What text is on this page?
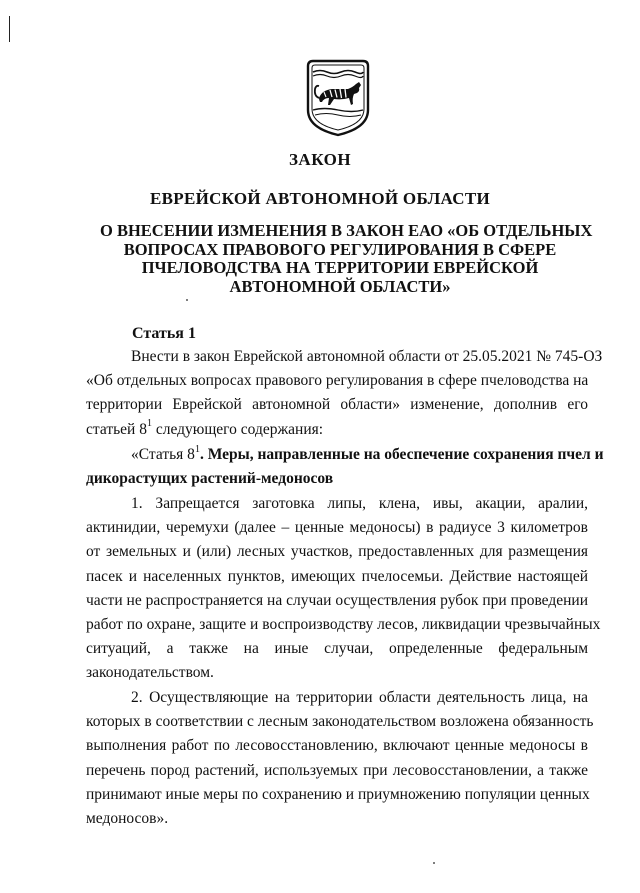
ЗАКОН
ЕВРЕЙСКОЙ АВТОНОМНОЙ ОБЛАСТИ
О ВНЕСЕНИИ ИЗМЕНЕНИЯ В ЗАКОН ЕАО «ОБ ОТДЕЛЬНЫХ
ВОПРОСАХ ПРАВОВОГО РЕГУЛИРОВАНИЯ В СФЕРЕ
ПЧЕЛОВОДСТВА НА ТЕРРИТОРИИ ЕВРЕЙСКОЙ
АВТОНОМНОЙ ОБЛАСТИ»
Статья 1
Внести в закон Еврейской автономной области от 25.05.2021 № 745-ОЗ
«Об отдельных вопросах правового регулирования в сфере пчеловодства на
территории Еврейской автономной области» изменение, дополнив его
статьей $8^1$ следующего содержания:
«Статья $8^1$. Меры, направленные на обеспечение сохранения пчел и
дикорастущих растений-медоносов
1. Запрещается заготовка липы, клена, ивы, акации, аралии,
актинидии, черемухи (далее – ценные медоносы) в радиусе 3 километров
от земельных и (или) лесных участков, предоставленных для размещения
пасек и населенных пунктов, имеющих пчелосемьи. Действие настоящей
части не распространяется на случаи осуществления рубок при проведении
работ по охране, защите и воспроизводству лесов, ликвидации чрезвычайных
ситуаций, а также на иные случаи, определенные федеральным
законодательством.
2. Осуществляющие на территории области деятельность лица, на
которых в соответствии с лесным законодательством возложена обязанность
выполнения работ по лесовосстановлению, включают ценные медоносы в
перечень пород растений, используемых при лесовосстановлении, а также
принимают иные меры по сохранению и приумножению популяции ценных
медоносов».
